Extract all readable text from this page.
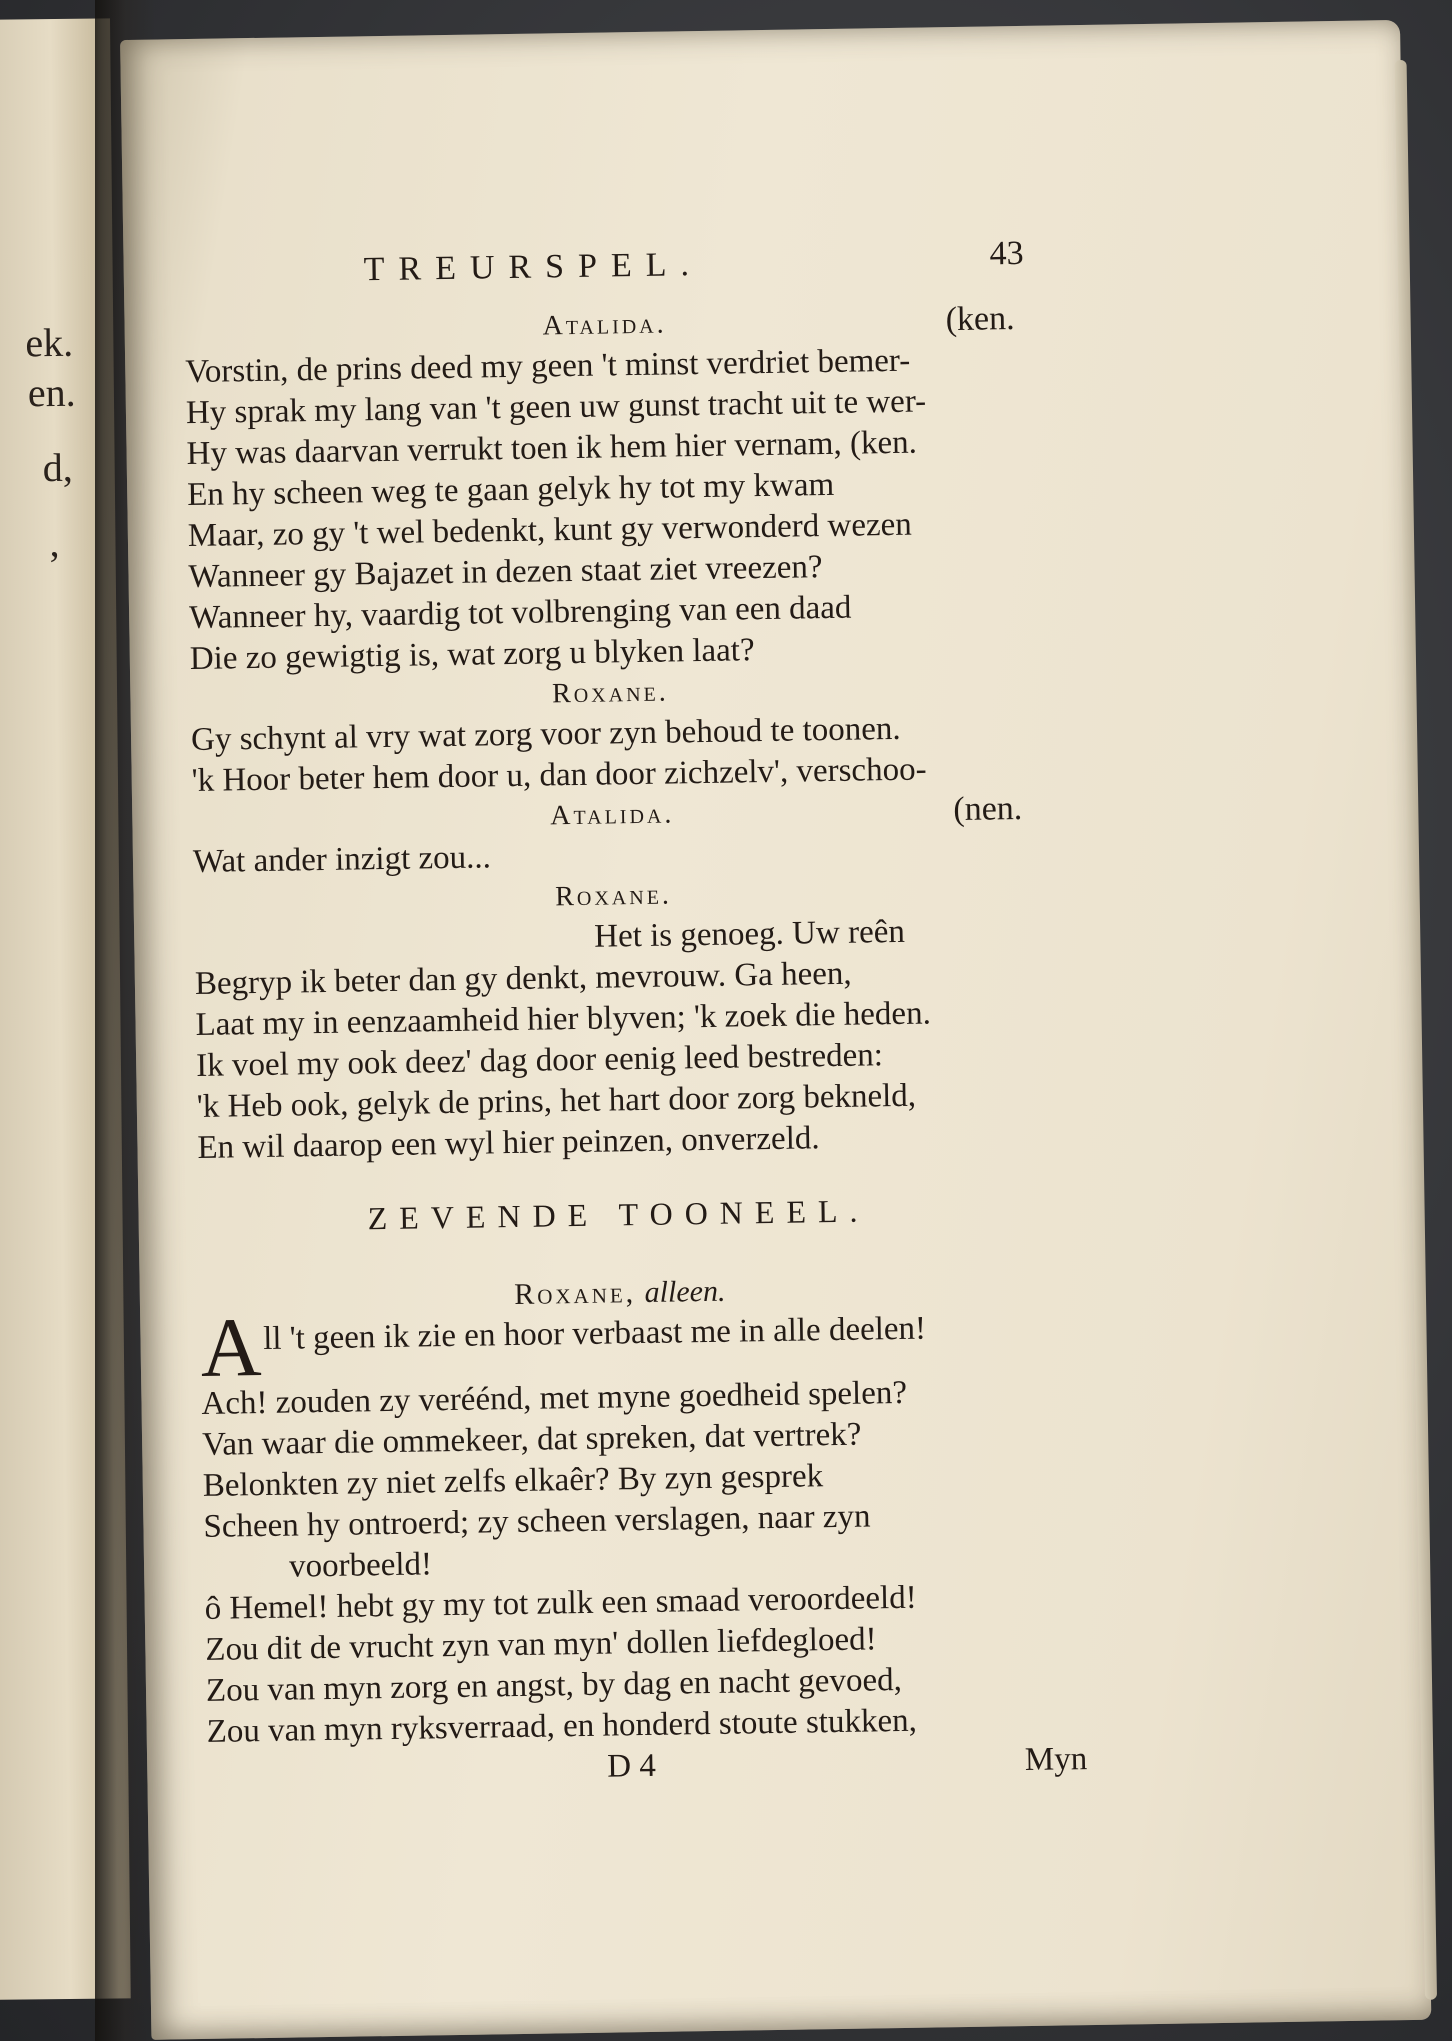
ek.
en.
d,
,
TREURSPEL.	43
Atalida.	(ken.
Vorstin, de prins deed my geen 't minst verdriet bemer-
Hy sprak my lang van 't geen uw gunst tracht uit te wer-
Hy was daarvan verrukt toen ik hem hier vernam, (ken.
En hy scheen weg te gaan gelyk hy tot my kwam
Maar, zo gy 't wel bedenkt, kunt gy verwonderd wezen
Wanneer gy Bajazet in dezen staat ziet vreezen?
Wanneer hy, vaardig tot volbrenging van een daad
Die zo gewigtig is, wat zorg u blyken laat?
Roxane.
Gy schynt al vry wat zorg voor zyn behoud te toonen.
'k Hoor beter hem door u, dan door zichzelv', verschoo-
Atalida.	(nen.
Wat ander inzigt zou...
Roxane.
Het is genoeg. Uw reên
Begryp ik beter dan gy denkt, mevrouw. Ga heen,
Laat my in eenzaamheid hier blyven; 'k zoek die heden.
Ik voel my ook deez' dag door eenig leed bestreden:
'k Heb ook, gelyk de prins, het hart door zorg bekneld,
En wil daarop een wyl hier peinzen, onverzeld.
ZEVENDE TOONEEL.
Roxane, alleen.
A ll 't geen ik zie en hoor verbaast me in alle deelen!
Ach! zouden zy veréénd, met myne goedheid spelen?
Van waar die ommekeer, dat spreken, dat vertrek?
Belonkten zy niet zelfs elkaêr? By zyn gesprek
Scheen hy ontroerd; zy scheen verslagen, naar zyn
voorbeeld!
ô Hemel! hebt gy my tot zulk een smaad veroordeeld!
Zou dit de vrucht zyn van myn' dollen liefdegloed!
Zou van myn zorg en angst, by dag en nacht gevoed,
Zou van myn ryksverraad, en honderd stoute stukken,
D 4	Myn
